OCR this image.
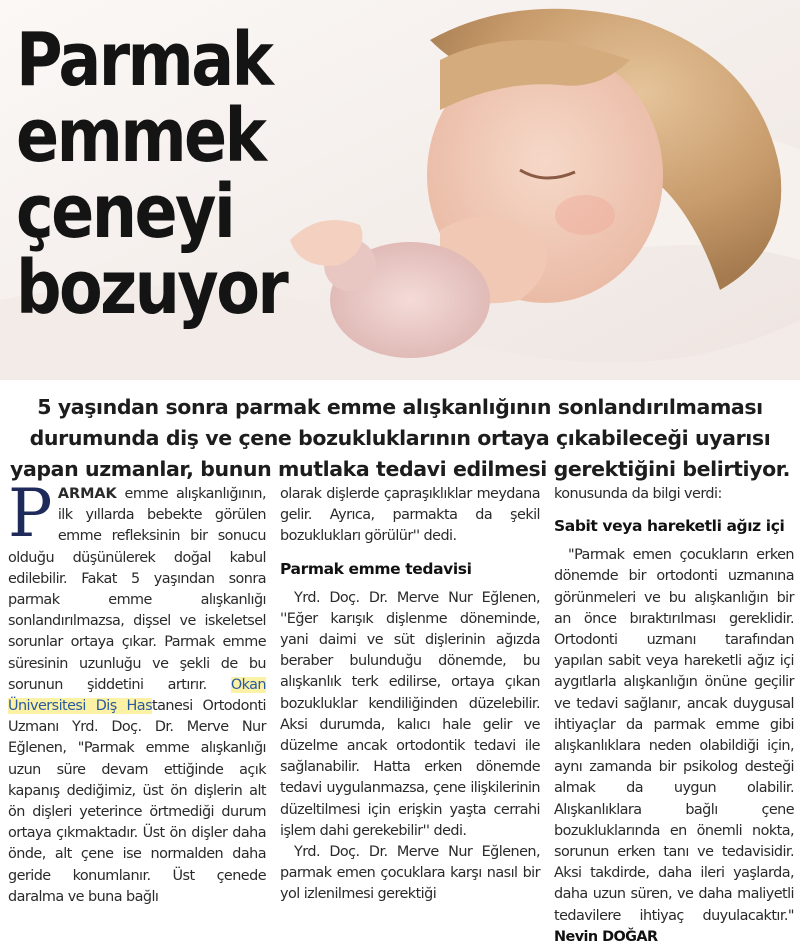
Parmak
emmek
çeneyi
bozuyor
5 yaşından sonra parmak emme alışkanlığının sonlandırılmaması durumunda diş ve çene bozukluklarının ortaya çıkabileceği uyarısı yapan uzmanlar, bunun mutlaka tedavi edilmesi gerektiğini belirtiyor.

PARMAK emme alışkanlığının, ilk yıllarda bebekte görülen emme refleksinin bir sonucu olduğu düşünülerek doğal kabul edilebilir. Fakat 5 yaşından sonra parmak emme alışkanlığı sonlandırılmazsa, dişsel ve iskeletsel sorunlar ortaya çıkar. Parmak emme süresinin uzunluğu ve şekli de bu sorunun şiddetini artırır. Okan Üniversitesi Diş Hastanesi Ortodonti Uzmanı Yrd. Doç. Dr. Merve Nur Eğlenen, "Parmak emme alışkanlığı uzun süre devam ettiğinde açık kapanış dediğimiz, üst ön dişlerin alt ön dişleri yeterince örtmediği durum ortaya çıkmaktadır. Üst ön dişler daha önde, alt çene ise normalden daha geride konumlanır. Üst çenede daralma ve buna bağlı

olarak dişlerde çapraşıklıklar meydana gelir. Ayrıca, parmakta da şekil bozuklukları görülür'' dedi.

Parmak emme tedavisi

Yrd. Doç. Dr. Merve Nur Eğlenen, ''Eğer karışık dişlenme döneminde, yani daimi ve süt dişlerinin ağızda beraber bulunduğu dönemde, bu alışkanlık terk edilirse, ortaya çıkan bozukluklar kendiliğinden düzelebilir. Aksi durumda, kalıcı hale gelir ve düzelme ancak ortodontik tedavi ile sağlanabilir. Hatta erken dönemde tedavi uygulanmazsa, çene ilişkilerinin düzeltilmesi için erişkin yaşta cerrahi işlem dahi gerekebilir'' dedi.

Yrd. Doç. Dr. Merve Nur Eğlenen, parmak emen çocuklara karşı nasıl bir yol izlenilmesi gerektiği

konusunda da bilgi verdi:

Sabit veya hareketli ağız içi

"Parmak emen çocukların erken dönemde bir ortodonti uzmanına görünmeleri ve bu alışkanlığın bir an önce bıraktırılması gereklidir. Ortodonti uzmanı tarafından yapılan sabit veya hareketli ağız içi aygıtlarla alışkanlığın önüne geçilir ve tedavi sağlanır, ancak duygusal ihtiyaçlar da parmak emme gibi alışkanlıklara neden olabildiği için, aynı zamanda bir psikolog desteği almak da uygun olabilir. Alışkanlıklara bağlı çene bozukluklarında en önemli nokta, sorunun erken tanı ve tedavisidir. Aksi takdirde, daha ileri yaşlarda, daha uzun süren, ve daha maliyetli tedavilere ihtiyaç duyulacaktır." Nevin DOĞAR
